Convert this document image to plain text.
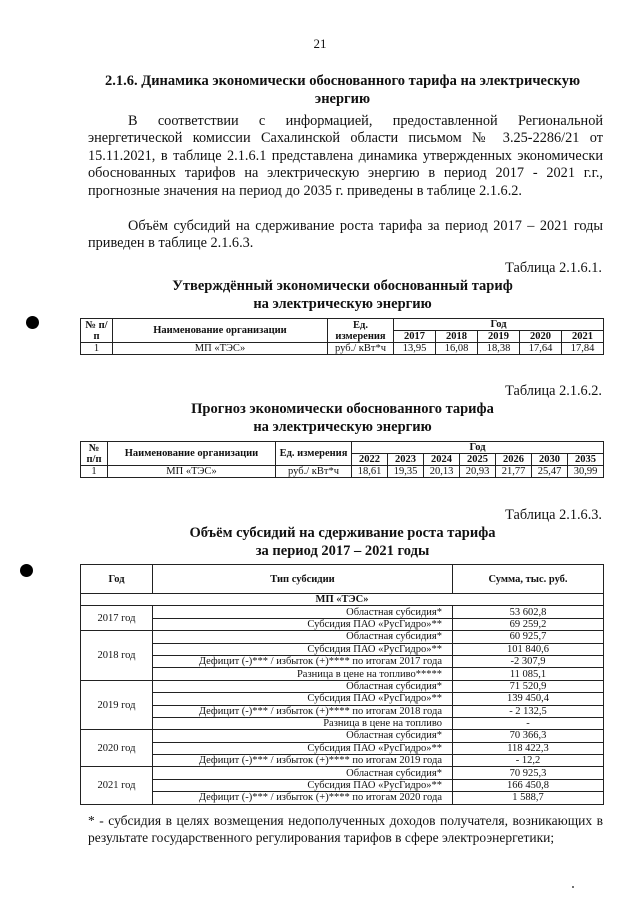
21
2.1.6. Динамика экономически обоснованного тарифа на электрическую
энергию
В соответствии с информацией, предоставленной Региональной энергетической комиссии Сахалинской области письмом № 3.25-2286/21 от 15.11.2021, в таблице 2.1.6.1 представлена динамика утвержденных экономически обоснованных тарифов на электрическую энергию в период 2017 - 2021 г.г., прогнозные значения на период до 2035 г. приведены в таблице 2.1.6.2.
Объём субсидий на сдерживание роста тарифа за период 2017 – 2021 годы приведен в таблице 2.1.6.3.
Таблица 2.1.6.1.
Утверждённый экономически обоснованный тариф
на электрическую энергию
№ п/п	Наименование организации	Ед. измерения	Год				
			2017	2018	2019	2020	2021
1	МП «ТЭС»	руб./ кВт*ч	13,95	16,08	18,38	17,64	17,84
Таблица 2.1.6.2.
Прогноз экономически обоснованного тарифа
на электрическую энергию
№ п/п	Наименование организации	Ед. измерения	Год						
			2022	2023	2024	2025	2026	2030	2035
1	МП «ТЭС»	руб./ кВт*ч	18,61	19,35	20,13	20,93	21,77	25,47	30,99
Таблица 2.1.6.3.
Объём субсидий на сдерживание роста тарифа
за период 2017 – 2021 годы
Год	Тип субсидии	Сумма, тыс. руб.
МП «ТЭС»		
2017 год	Областная субсидия*	53 602,8
	Субсидия ПАО «РусГидро»**	69 259,2
2018 год	Областная субсидия*	60 925,7
	Субсидия ПАО «РусГидро»**	101 840,6
	Дефицит (-)*** / избыток (+)**** по итогам 2017 года	-2 307,9
	Разница в цене на топливо*****	11 085,1
2019 год	Областная субсидия*	71 520,9
	Субсидия ПАО «РусГидро»**	139 450,4
	Дефицит (-)*** / избыток (+)**** по итогам 2018 года	- 2 132,5
	Разница в цене на топливо	-
2020 год	Областная субсидия*	70 366,3
	Субсидия ПАО «РусГидро»**	118 422,3
	Дефицит (-)*** / избыток (+)**** по итогам 2019 года	- 12,2
2021 год	Областная субсидия*	70 925,3
	Субсидия ПАО «РусГидро»**	166 450,8
	Дефицит (-)*** / избыток (+)**** по итогам 2020 года	1 588,7
* - субсидия в целях возмещения недополученных доходов получателя, возникающих в результате государственного регулирования тарифов в сфере электроэнергетики;
